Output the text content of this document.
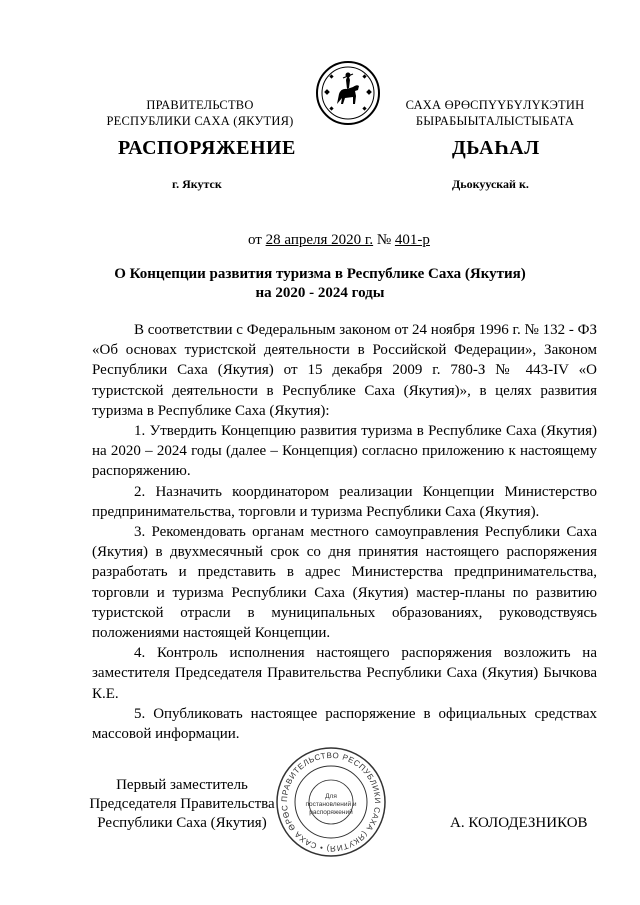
ПРАВИТЕЛЬСТВО
РЕСПУБЛИКИ САХА (ЯКУТИЯ)
САХА ӨРӨСПҮҮБҮЛҮКЭТИН
БЫРАБЫЫТАЛЫСТЫБАТА
РАСПОРЯЖЕНИЕ	ДЬАҺАЛ
г. Якутск	Дьокуускай к.
от 28 апреля 2020 г. № 401-р
О Концепции развития туризма в Республике Саха (Якутия)
на 2020 - 2024 годы

В соответствии с Федеральным законом от 24 ноября 1996 г. № 132 - ФЗ «Об основах туристской деятельности в Российской Федерации», Законом Республики Саха (Якутия) от 15 декабря 2009 г. 780-З № 443-IV «О туристской деятельности в Республике Саха (Якутия)», в целях развития туризма в Республике Саха (Якутия):

1. Утвердить Концепцию развития туризма в Республике Саха (Якутия) на 2020 – 2024 годы (далее – Концепция) согласно приложению к настоящему распоряжению.

2. Назначить координатором реализации Концепции Министерство предпринимательства, торговли и туризма Республики Саха (Якутия).

3. Рекомендовать органам местного самоуправления Республики Саха (Якутия) в двухмесячный срок со дня принятия настоящего распоряжения разработать и представить в адрес Министерства предпринимательства, торговли и туризма Республики Саха (Якутия) мастер-планы по развитию туристской отрасли в муниципальных образованиях, руководствуясь положениями настоящей Концепции.

4. Контроль исполнения настоящего распоряжения возложить на заместителя Председателя Правительства Республики Саха (Якутия) Бычкова К.Е.

5. Опубликовать настоящее распоряжение в официальных средствах массовой информации.

ПРАВИТЕЛЬСТВО РЕСПУБЛИКИ САХА (ЯКУТИЯ) • САХА ӨРӨС
Для
постановлений и
распоряжений
Первый заместитель
Председателя Правительства
Республики Саха (Якутия)	А. КОЛОДЕЗНИКОВ
